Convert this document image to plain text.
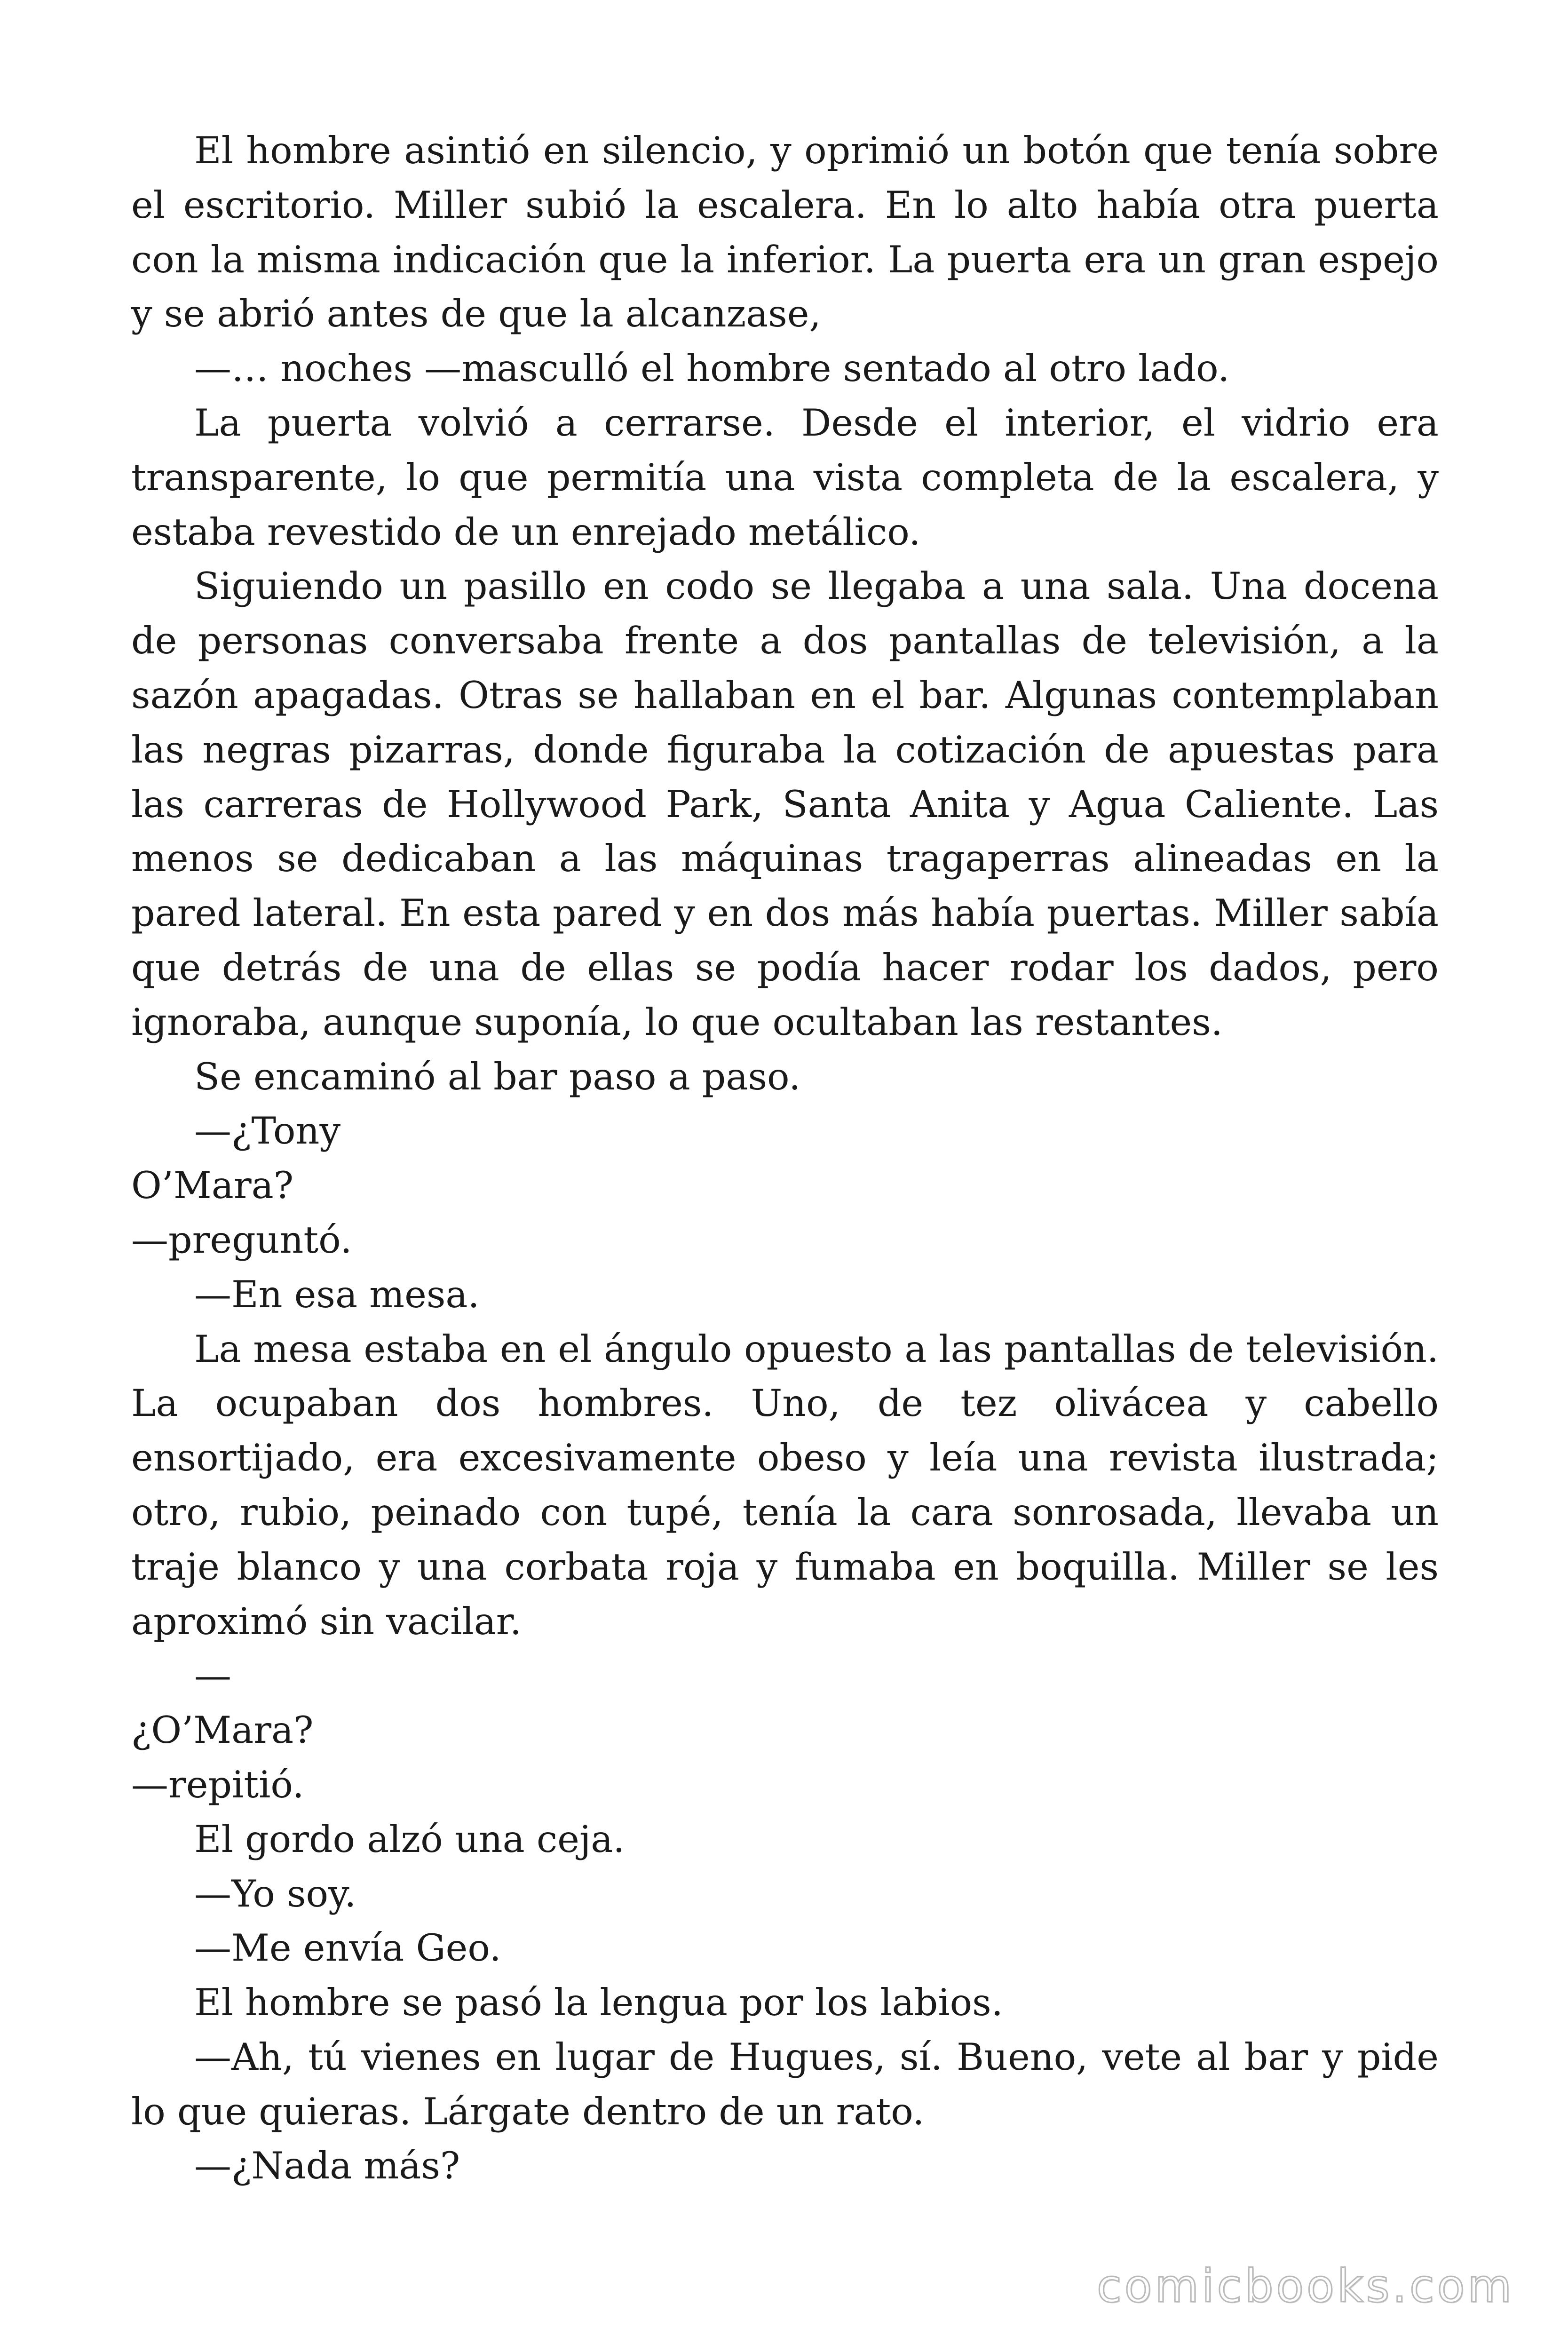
El hombre asintió en silencio, y oprimió un botón que tenía sobre el escritorio. Miller subió la escalera. En lo alto había otra puerta con la misma indicación que la inferior. La puerta era un gran espejo y se abrió antes de que la alcanzase,

—… noches —masculló el hombre sentado al otro lado.

La puerta volvió a cerrarse. Desde el interior, el vidrio era transparente, lo que permitía una vista completa de la escalera, y estaba revestido de un enrejado metálico.

Siguiendo un pasillo en codo se llegaba a una sala. Una docena de personas conversaba frente a dos pantallas de televisión, a la sazón apagadas. Otras se hallaban en el bar. Algunas contemplaban las negras pizarras, donde figuraba la cotización de apuestas para las carreras de Hollywood Park, Santa Anita y Agua Caliente. Las menos se dedicaban a las máquinas tragaperras alineadas en la pared lateral. En esta pared y en dos más había puertas. Miller sabía que detrás de una de ellas se podía hacer rodar los dados, pero ignoraba, aunque suponía, lo que ocultaban las restantes.

Se encaminó al bar paso a paso.

—¿Tony

O’Mara?

—preguntó.

—En esa mesa.

La mesa estaba en el ángulo opuesto a las pantallas de televisión. La ocupaban dos hombres. Uno, de tez olivácea y cabello ensortijado, era excesivamente obeso y leía una revista ilustrada; otro, rubio, peinado con tupé, tenía la cara sonrosada, llevaba un traje blanco y una corbata roja y fumaba en boquilla. Miller se les aproximó sin vacilar.

—

¿O’Mara?

—repitió.

El gordo alzó una ceja.

—Yo soy.

—Me envía Geo.

El hombre se pasó la lengua por los labios.

—Ah, tú vienes en lugar de Hugues, sí. Bueno, vete al bar y pide lo que quieras. Lárgate dentro de un rato.

—¿Nada más?

comicbooks.com
